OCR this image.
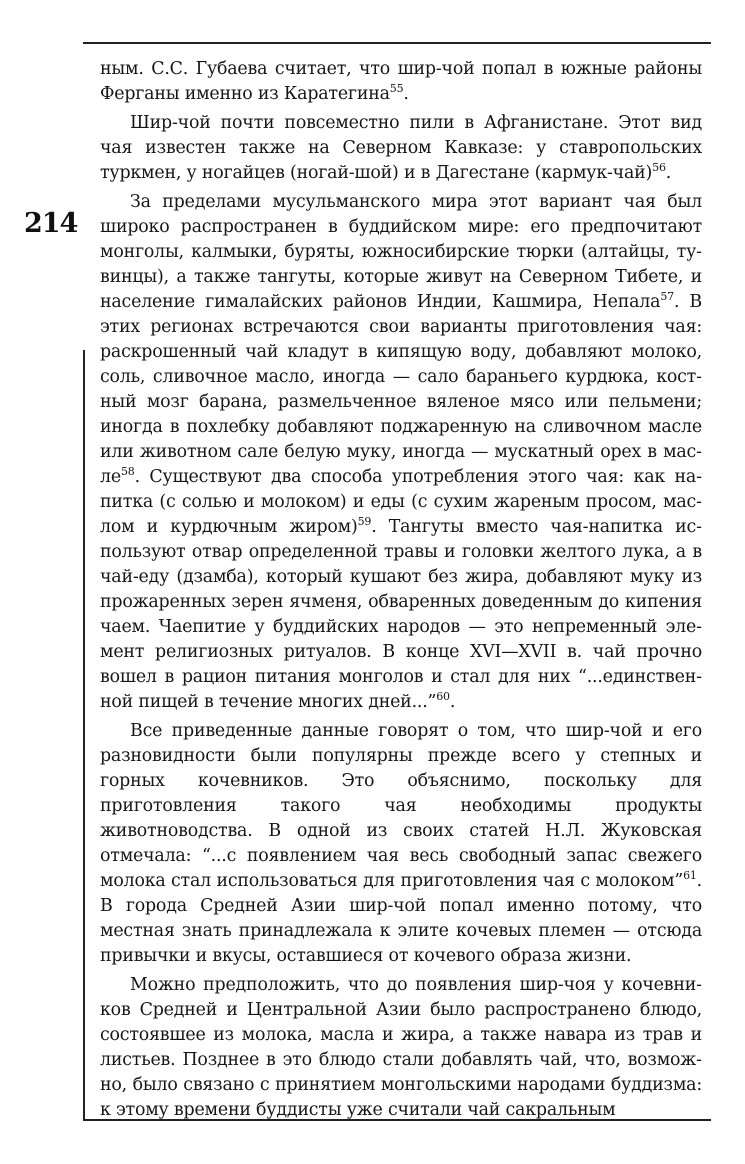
214

ным. С.С. Губаева считает, что шир-чой попал в южные районы Ферганы именно из Каратегина$^{55}$.

Шир-чой почти повсеместно пили в Афганистане. Этот вид чая известен также на Северном Кавказе: у ставропольских туркмен, у ногайцев (ногай-шой) и в Дагестане (кармук-чай)$^{56}$.

За пределами мусульманского мира этот вариант чая был широко распространен в буддийском мире: его предпочитают монголы, калмыки, буряты, южносибирские тюрки (алтайцы, тувинцы), а также тангуты, которые живут на Северном Тибете, и население гималайских районов Индии, Кашмира, Непала$^{57}$. В этих регионах встречаются свои варианты приготовления чая: раскрошенный чай кладут в кипящую воду, добавляют молоко, соль, сливочное масло, иногда — сало бараньего курдюка, костный мозг барана, размельченное вяленое мясо или пельмени; иногда в похлебку добавляют поджаренную на сливочном масле или животном сале белую муку, иногда — мускатный орех в масле$^{58}$. Существуют два способа употребления этого чая: как напитка (с солью и молоком) и еды (с сухим жареным просом, маслом и курдючным жиром)$^{59}$. Тангуты вместо чая-напитка используют отвар определенной травы и головки желтого лука, а в чай-еду (дзамба), который кушают без жира, добавляют муку из прожаренных зерен ячменя, обваренных доведенным до кипения чаем. Чаепитие у буддийских народов — это непременный элемент религиозных ритуалов. В конце XVI—XVII в. чай прочно вошел в рацион питания монголов и стал для них “...единственной пищей в течение многих дней...”$^{60}$.

Все приведенные данные говорят о том, что шир-чой и его разновидности были популярны прежде всего у степных и горных кочевников. Это объяснимо, поскольку для приготовления такого чая необходимы продукты животноводства. В одной из своих статей Н.Л. Жуковская отмечала: “...с появлением чая весь свободный запас свежего молока стал использоваться для приготовления чая с молоком”$^{61}$. В города Средней Азии шир-чой попал именно потому, что местная знать принадлежала к элите кочевых племен — отсюда привычки и вкусы, оставшиеся от кочевого образа жизни.

Можно предположить, что до появления шир-чоя у кочевников Средней и Центральной Азии было распространено блюдо, состоявшее из молока, масла и жира, а также навара из трав и листьев. Позднее в это блюдо стали добавлять чай, что, возможно, было связано с принятием монгольскими народами буддизма: к этому времени буддисты уже считали чай сакральным
